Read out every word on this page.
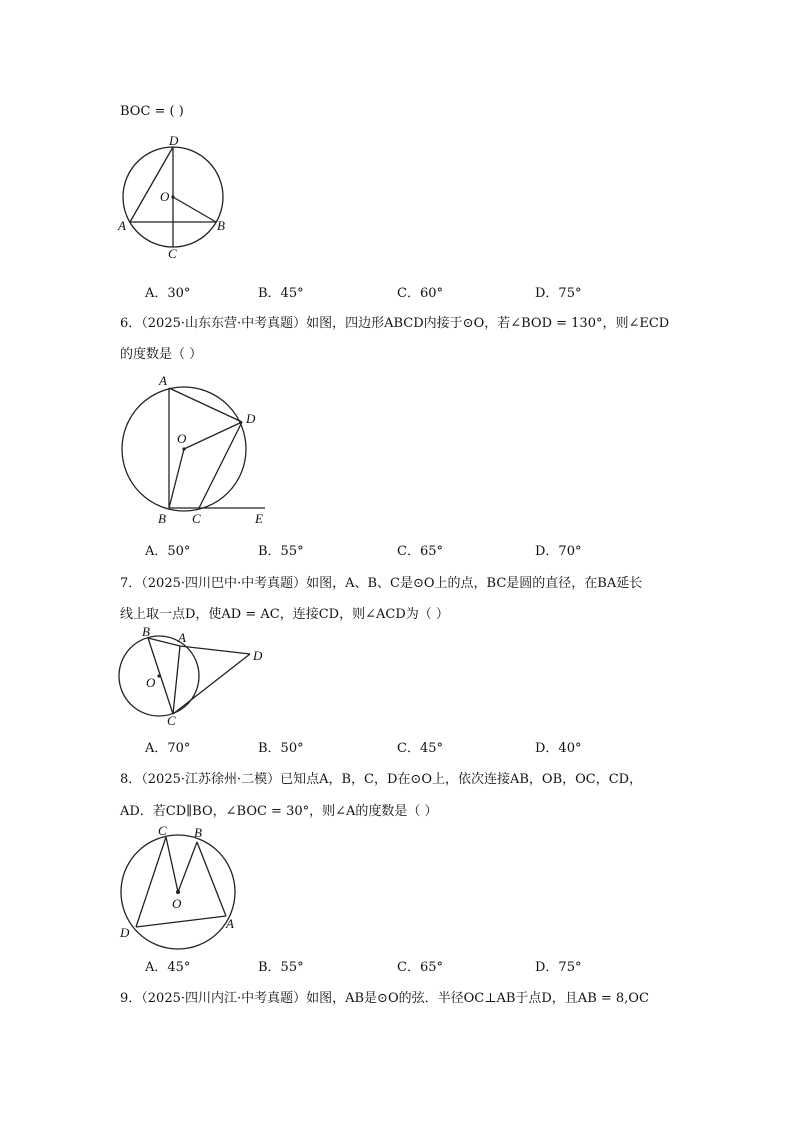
BOC = ( )
D
O
A	B
C
A．30°	B．45°	C．60°	D．75°
6．（2025·山东东营·中考真题）如图，四边形ABCD内接于⊙O，若∠BOD = 130°，则∠ECD
的度数是（ ）
A
D
O
B C	E
A．50°	B．55°	C．65°	D．70°
7．（2025·四川巴中·中考真题）如图，A、B、C是⊙O上的点，BC是圆的直径，在BA延长
线上取一点D，使AD = AC，连接CD，则∠ACD为（ ）
B A
D
O
C
A．70°	B．50°	C．45°	D．40°
8．（2025·江苏徐州·二模）已知点A，B，C，D在⊙O上，依次连接AB，OB，OC，CD，
AD．若CD∥BO，∠BOC = 30°，则∠A的度数是（ ）
C B
O
D
A
A．45°	B．55°	C．65°	D．75°
9．（2025·四川内江·中考真题）如图，AB是⊙O的弦．半径OC⊥AB于点D，且AB = 8,OC
